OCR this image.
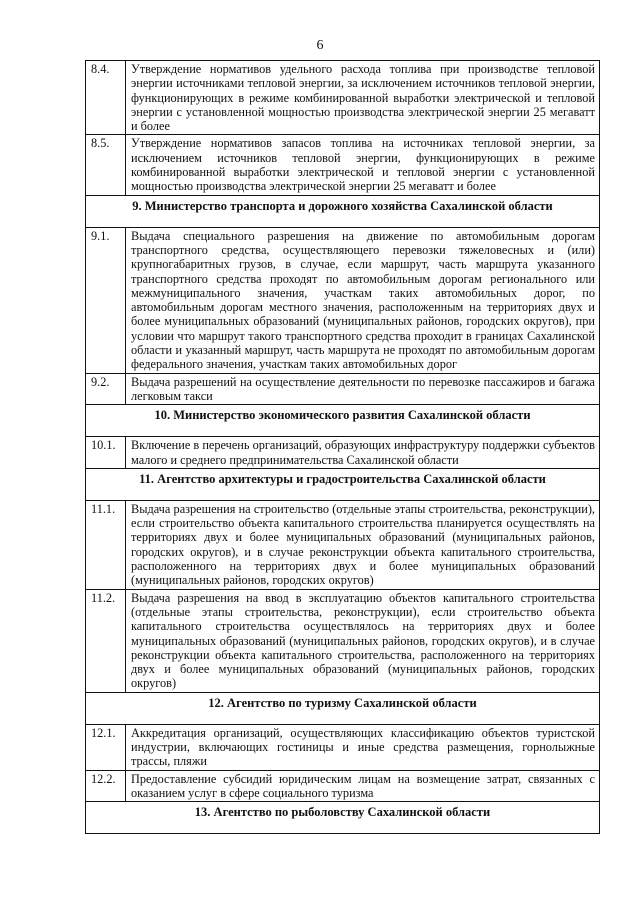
6
8.4.	Утверждение нормативов удельного расхода топлива при производстве тепловой энергии источниками тепловой энергии, за исключением источников тепловой энергии, функционирующих в режиме комбинированной выработки электрической и тепловой энергии с установленной мощностью производства электрической энергии 25 мегаватт и более
8.5.	Утверждение нормативов запасов топлива на источниках тепловой энергии, за исключением источников тепловой энергии, функционирующих в режиме комбинированной выработки электрической и тепловой энергии с установленной мощностью производства электрической энергии 25 мегаватт и более
9. Министерство транспорта и дорожного хозяйства Сахалинской области	
9.1.	Выдача специального разрешения на движение по автомобильным дорогам транспортного средства, осуществляющего перевозки тяжеловесных и (или) крупногабаритных грузов, в случае, если маршрут, часть маршрута указанного транспортного средства проходят по автомобильным дорогам регионального или межмуниципального значения, участкам таких автомобильных дорог, по автомобильным дорогам местного значения, расположенным на территориях двух и более муниципальных образований (муниципальных районов, городских округов), при условии что маршрут такого транспортного средства проходит в границах Сахалинской области и указанный маршрут, часть маршрута не проходят по автомобильным дорогам федерального значения, участкам таких автомобильных дорог
9.2.	Выдача разрешений на осуществление деятельности по перевозке пассажиров и багажа легковым такси
10. Министерство экономического развития Сахалинской области	
10.1.	Включение в перечень организаций, образующих инфраструктуру поддержки субъектов малого и среднего предпринимательства Сахалинской области
11. Агентство архитектуры и градостроительства Сахалинской области	
11.1.	Выдача разрешения на строительство (отдельные этапы строительства, реконструкции), если строительство объекта капитального строительства планируется осуществлять на территориях двух и более муниципальных образований (муниципальных районов, городских округов), и в случае реконструкции объекта капитального строительства, расположенного на территориях двух и более муниципальных образований (муниципальных районов, городских округов)
11.2.	Выдача разрешения на ввод в эксплуатацию объектов капитального строительства (отдельные этапы строительства, реконструкции), если строительство объекта капитального строительства осуществлялось на территориях двух и более муниципальных образований (муниципальных районов, городских округов), и в случае реконструкции объекта капитального строительства, расположенного на территориях двух и более муниципальных образований (муниципальных районов, городских округов)
12. Агентство по туризму Сахалинской области	
12.1.	Аккредитация организаций, осуществляющих классификацию объектов туристской индустрии, включающих гостиницы и иные средства размещения, горнолыжные трассы, пляжи
12.2.	Предоставление субсидий юридическим лицам на возмещение затрат, связанных с оказанием услуг в сфере социального туризма
13. Агентство по рыболовству Сахалинской области	
